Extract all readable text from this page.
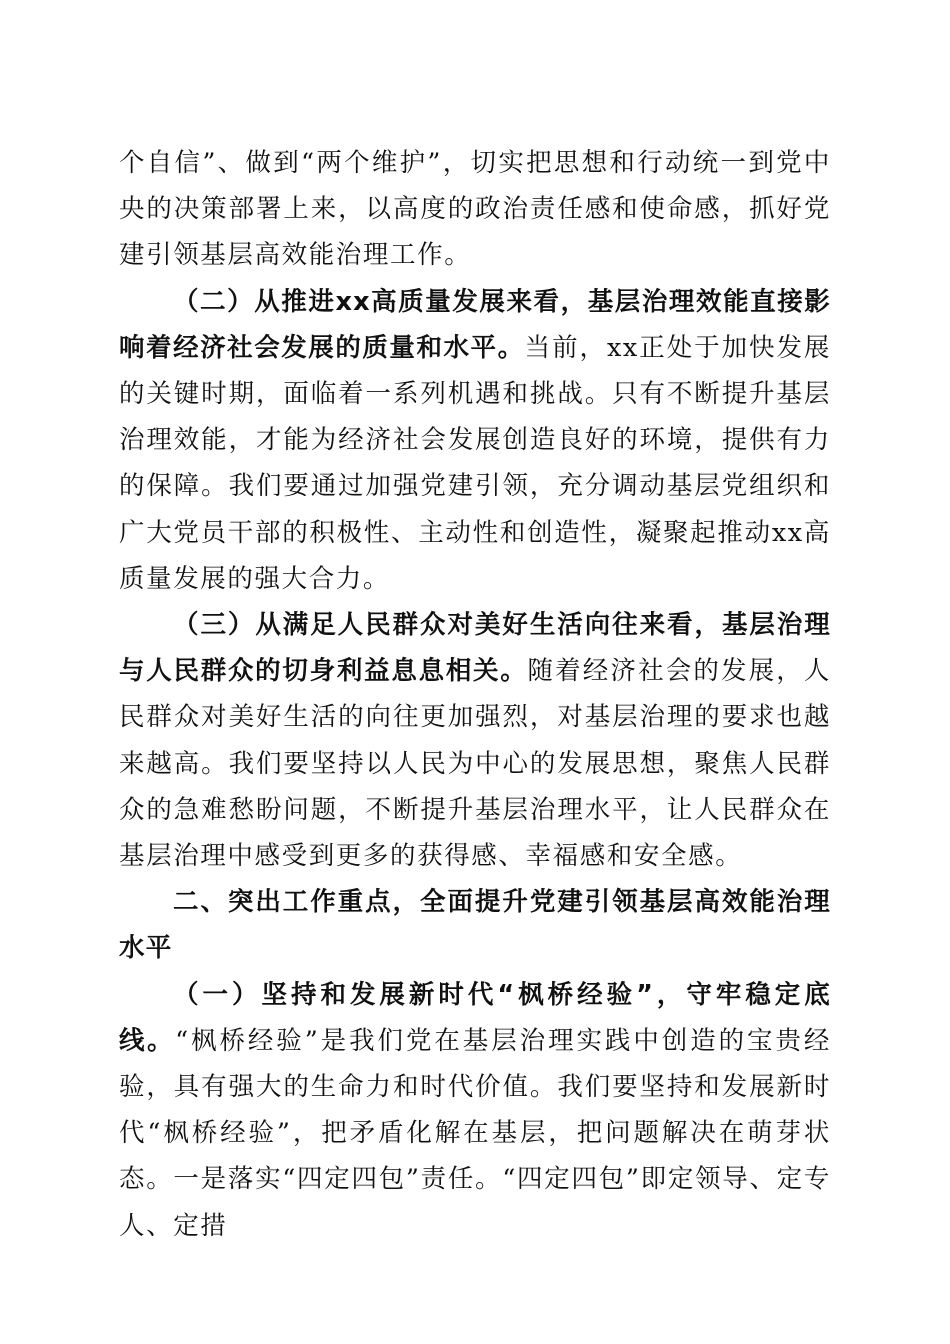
个自信”、做到“两个维护”，切实把思想和行动统一到党中央的决策部署上来，以高度的政治责任感和使命感，抓好党建引领基层高效能治理工作。

（二）从推进xx高质量发展来看，基层治理效能直接影响着经济社会发展的质量和水平。当前，xx正处于加快发展的关键时期，面临着一系列机遇和挑战。只有不断提升基层治理效能，才能为经济社会发展创造良好的环境，提供有力的保障。我们要通过加强党建引领，充分调动基层党组织和广大党员干部的积极性、主动性和创造性，凝聚起推动xx高质量发展的强大合力。

（三）从满足人民群众对美好生活向往来看，基层治理与人民群众的切身利益息息相关。随着经济社会的发展，人民群众对美好生活的向往更加强烈，对基层治理的要求也越来越高。我们要坚持以人民为中心的发展思想，聚焦人民群众的急难愁盼问题，不断提升基层治理水平，让人民群众在基层治理中感受到更多的获得感、幸福感和安全感。

二、突出工作重点，全面提升党建引领基层高效能治理水平

（一）坚持和发展新时代“枫桥经验”，守牢稳定底线。“枫桥经验”是我们党在基层治理实践中创造的宝贵经验，具有强大的生命力和时代价值。我们要坚持和发展新时代“枫桥经验”，把矛盾化解在基层，把问题解决在萌芽状态。一是落实“四定四包”责任。“四定四包”即定领导、定专人、定措
